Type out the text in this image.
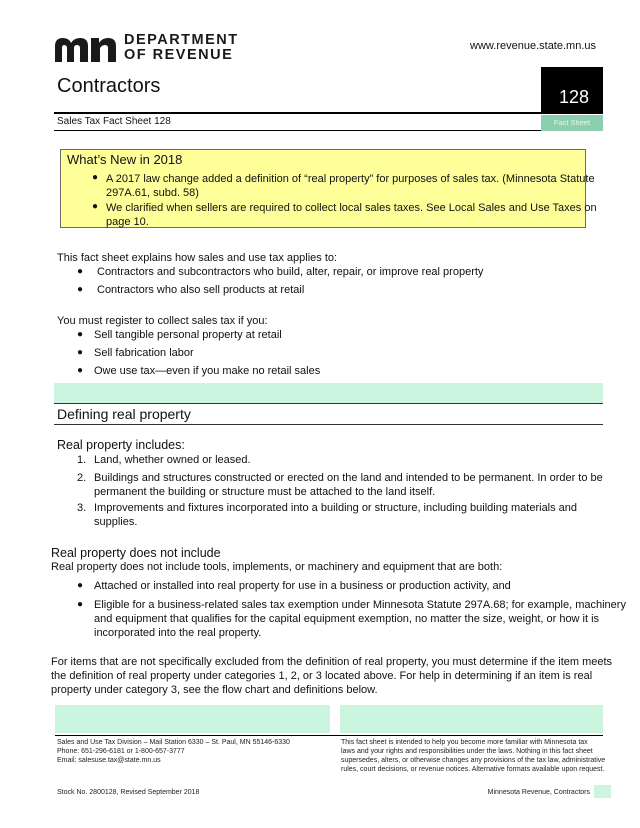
DEPARTMENT
OF REVENUE
www.revenue.state.mn.us
Contractors	128
Fact Sheet
Sales Tax Fact Sheet 128
What’s New in 2018
● A 2017 law change added a definition of “real property” for purposes of sales tax. (Minnesota Statute
297A.61, subd. 58)
● We clarified when sellers are required to collect local sales taxes. See Local Sales and Use Taxes on
page 10.
This fact sheet explains how sales and use tax applies to:
● Contractors and subcontractors who build, alter, repair, or improve real property
● Contractors who also sell products at retail
You must register to collect sales tax if you:
● Sell tangible personal property at retail
● Sell fabrication labor
● Owe use tax—even if you make no retail sales
Defining real property
Real property includes:
1. Land, whether owned or leased.
2. Buildings and structures constructed or erected on the land and intended to be permanent. In order to be
permanent the building or structure must be attached to the land itself.
3. Improvements and fixtures incorporated into a building or structure, including building materials and
supplies.
Real property does not include
Real property does not include tools, implements, or machinery and equipment that are both:
● Attached or installed into real property for use in a business or production activity, and
● Eligible for a business-related sales tax exemption under Minnesota Statute 297A.68; for example, machinery
and equipment that qualifies for the capital equipment exemption, no matter the size, weight, or how it is
incorporated into the real property.
For items that are not specifically excluded from the definition of real property, you must determine if the item meets
the definition of real property under categories 1, 2, or 3 located above. For help in determining if an item is real
property under category 3, see the flow chart and definitions below.
Sales and Use Tax Division – Mail Station 6330 – St. Paul, MN 55146-6330
Phone: 651-296-6181 or 1-800-657-3777
Email: salesuse.tax@state.mn.us
This fact sheet is intended to help you become more familiar with Minnesota tax
laws and your rights and responsibilities under the laws. Nothing in this fact sheet
supersedes, alters, or otherwise changes any provisions of the tax law, administrative
rules, court decisions, or revenue notices. Alternative formats available upon request.
Stock No. 2800128, Revised September 2018	Minnesota Revenue, Contractors
